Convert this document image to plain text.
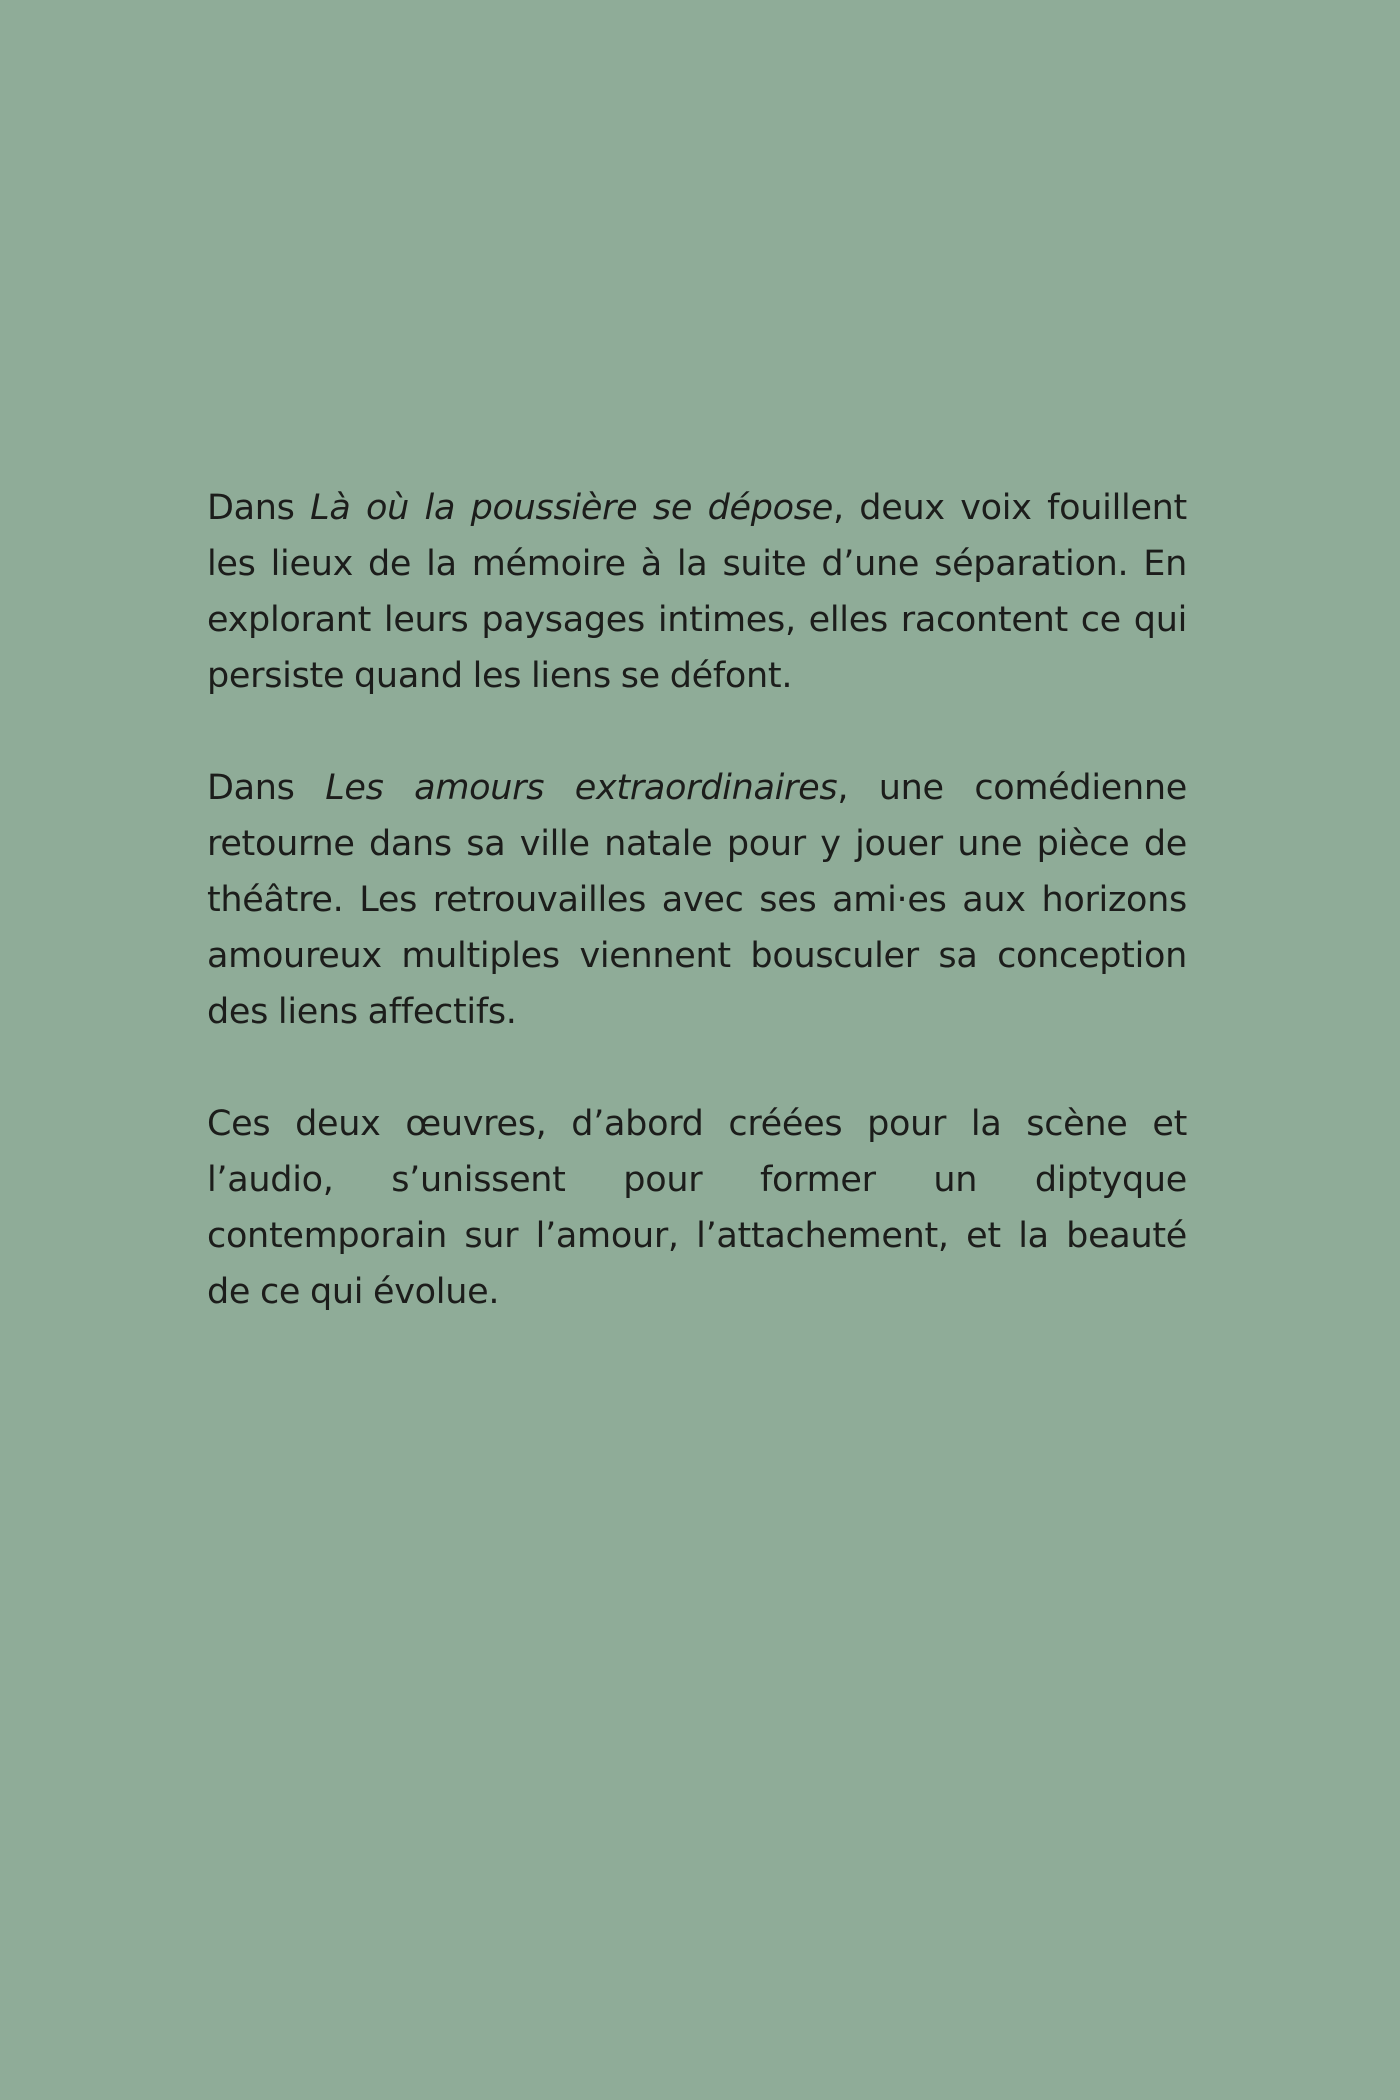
Dans Là où la poussière se dépose, deux voix fouillent les lieux de la mémoire à la suite d’une séparation. En explorant leurs paysages intimes, elles racontent ce qui persiste quand les liens se défont.

Dans Les amours extraordinaires, une comédienne retourne dans sa ville natale pour y jouer une pièce de théâtre. Les retrouvailles avec ses ami·es aux horizons amoureux multiples viennent bousculer sa conception des liens affectifs.

Ces deux œuvres, d’abord créées pour la scène et l’audio, s’unissent pour former un diptyque contemporain sur l’amour, l’attachement, et la beauté de ce qui évolue.
